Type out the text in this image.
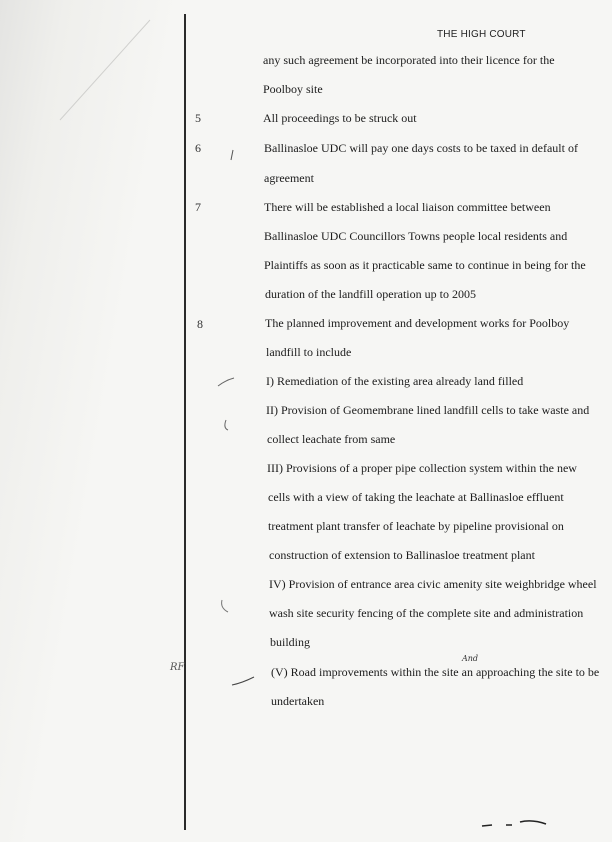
THE HIGH COURT
5
6
7
8
any such agreement be incorporated into their licence for the
Poolboy site
All proceedings to be struck out
Ballinasloe UDC will pay one days costs to be taxed in default of
agreement
There will be established a local liaison committee between
Ballinasloe UDC Councillors Towns people local residents and
Plaintiffs as soon as it practicable same to continue in being for the
duration of the landfill operation up to 2005
The planned improvement and development works for Poolboy
landfill to include
I) Remediation of the existing area already land filled
II) Provision of Geomembrane lined landfill cells to take waste and
collect leachate from same
III) Provisions of a proper pipe collection system within the new
cells with a view of taking the leachate at Ballinasloe effluent
treatment plant transfer of leachate by pipeline provisional on
construction of extension to Ballinasloe treatment plant
IV) Provision of entrance area civic amenity site weighbridge wheel
wash site security fencing of the complete site and administration
building
(V) Road improvements within the site an approaching the site to be
undertaken
RF
And
